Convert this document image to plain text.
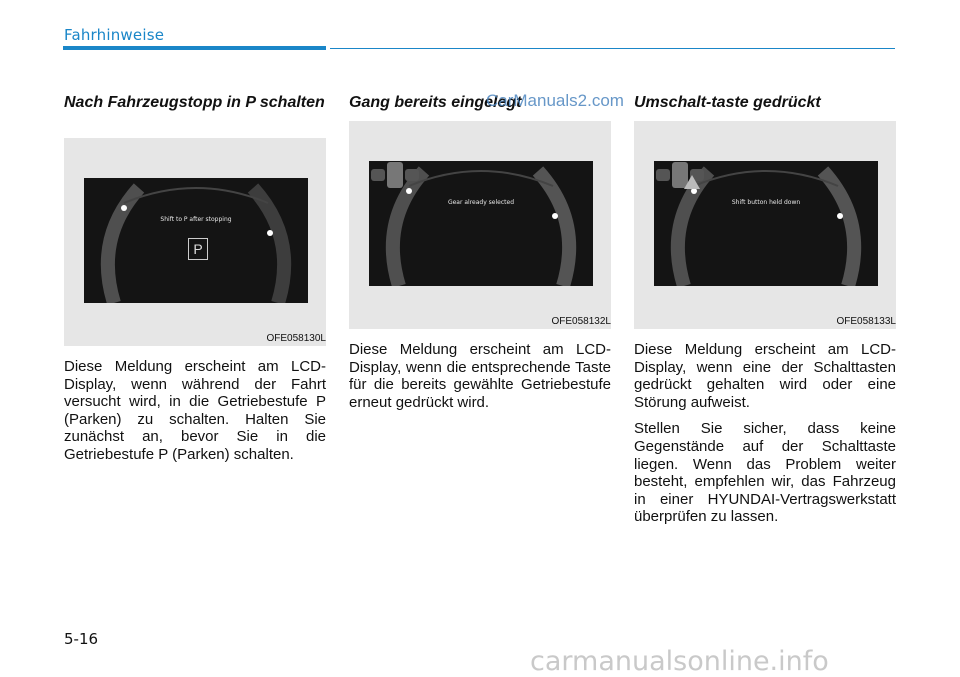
Fahrhinweise
Nach Fahrzeugstopp in P schalten
Shift to P after stopping
P
OFE058130L

Diese Meldung erscheint am LCD-Display, wenn während der Fahrt versucht wird, in die Getriebestufe P (Parken) zu schalten. Halten Sie zunächst an, bevor Sie in die Getriebestufe P (Parken) schalten.

Gang bereits eingelegt
Gear already selected
OFE058132L

Diese Meldung erscheint am LCD-Display, wenn die entsprechende Taste für die bereits gewählte Getriebestufe erneut gedrückt wird.

Umschalt-taste gedrückt
Shift button held down
OFE058133L

Diese Meldung erscheint am LCD-Display, wenn eine der Schalttasten gedrückt gehalten wird oder eine Störung aufweist.

Stellen Sie sicher, dass keine Gegenstände auf der Schalttaste liegen. Wenn das Problem weiter besteht, empfehlen wir, das Fahrzeug in einer HYUNDAI-Vertragswerkstatt überprüfen zu lassen.

CarManuals2.com
5-16
carmanualsonline.info
